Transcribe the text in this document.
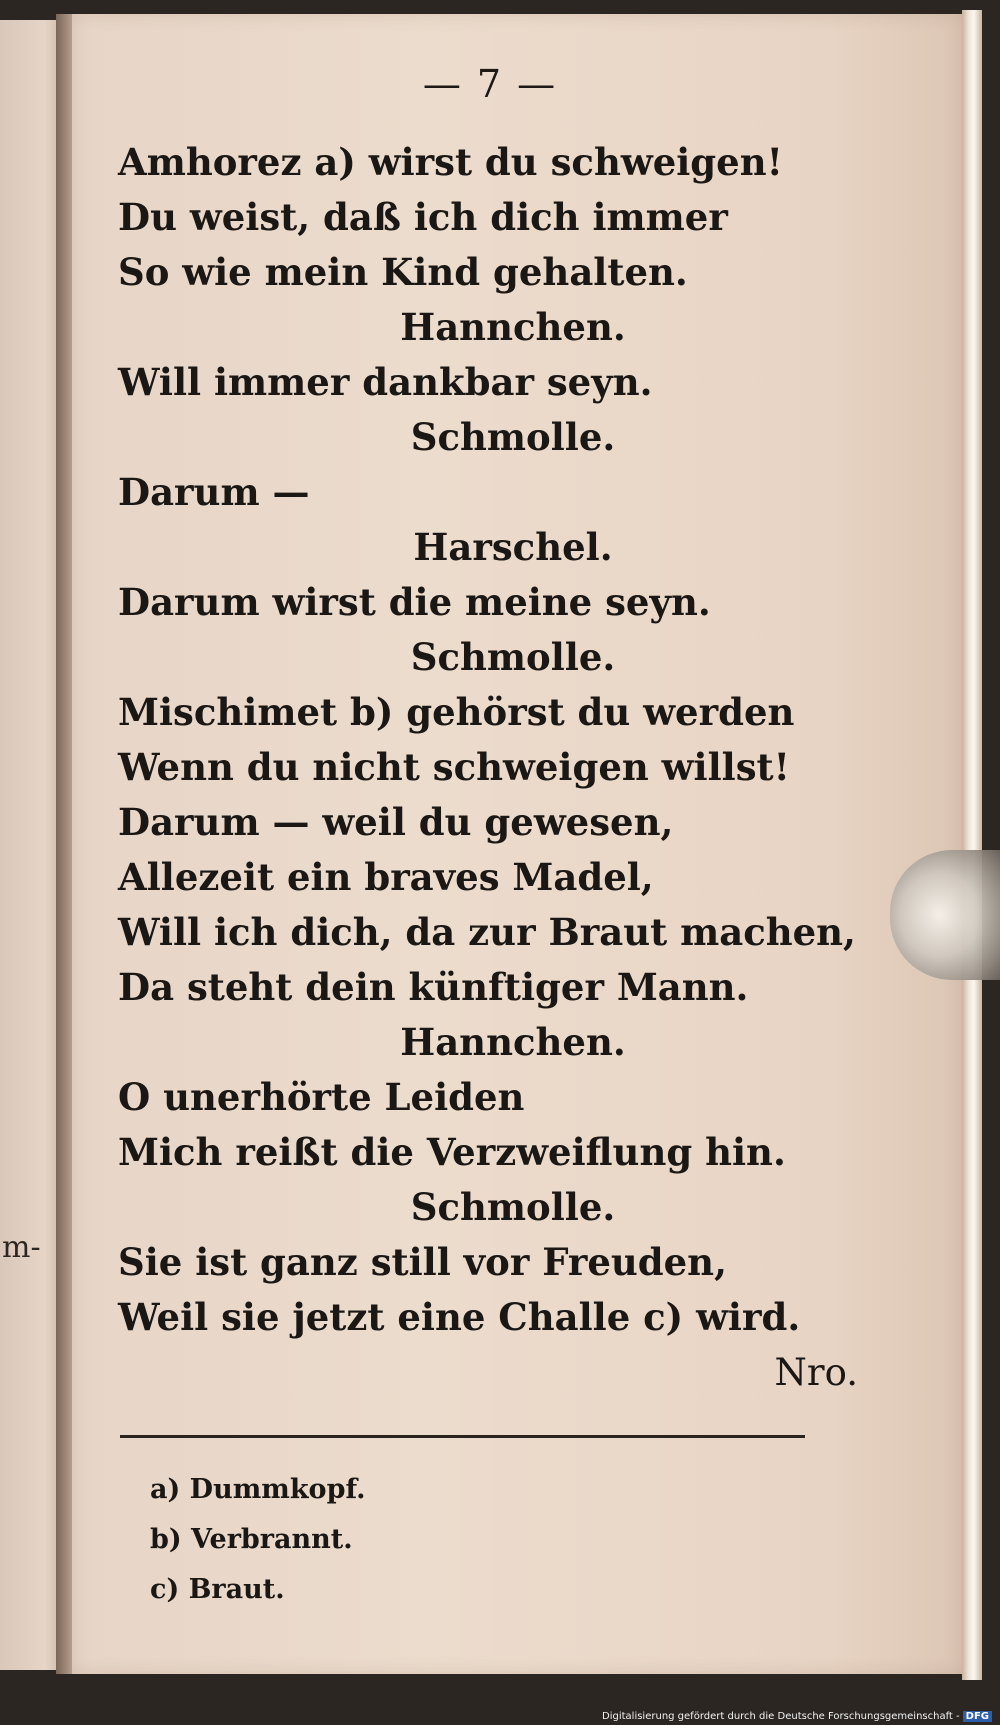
m-
— 7 —
Amhorez a) wirst du schweigen!
Du weist, daß ich dich immer
So wie mein Kind gehalten.
Hannchen.
Will immer dankbar seyn.
Schmolle.
Darum —
Harschel.
Darum wirst die meine seyn.
Schmolle.
Mischimet b) gehörst du werden
Wenn du nicht schweigen willst!
Darum — weil du gewesen,
Allezeit ein braves Madel,
Will ich dich, da zur Braut machen,
Da steht dein künftiger Mann.
Hannchen.
O unerhörte Leiden
Mich reißt die Verzweiflung hin.
Schmolle.
Sie ist ganz still vor Freuden,
Weil sie jetzt eine Challe c) wird.
Nro.
a) Dummkopf.
b) Verbrannt.
c) Braut.
Digitalisierung gefördert durch die Deutsche Forschungsgemeinschaft - DFG
